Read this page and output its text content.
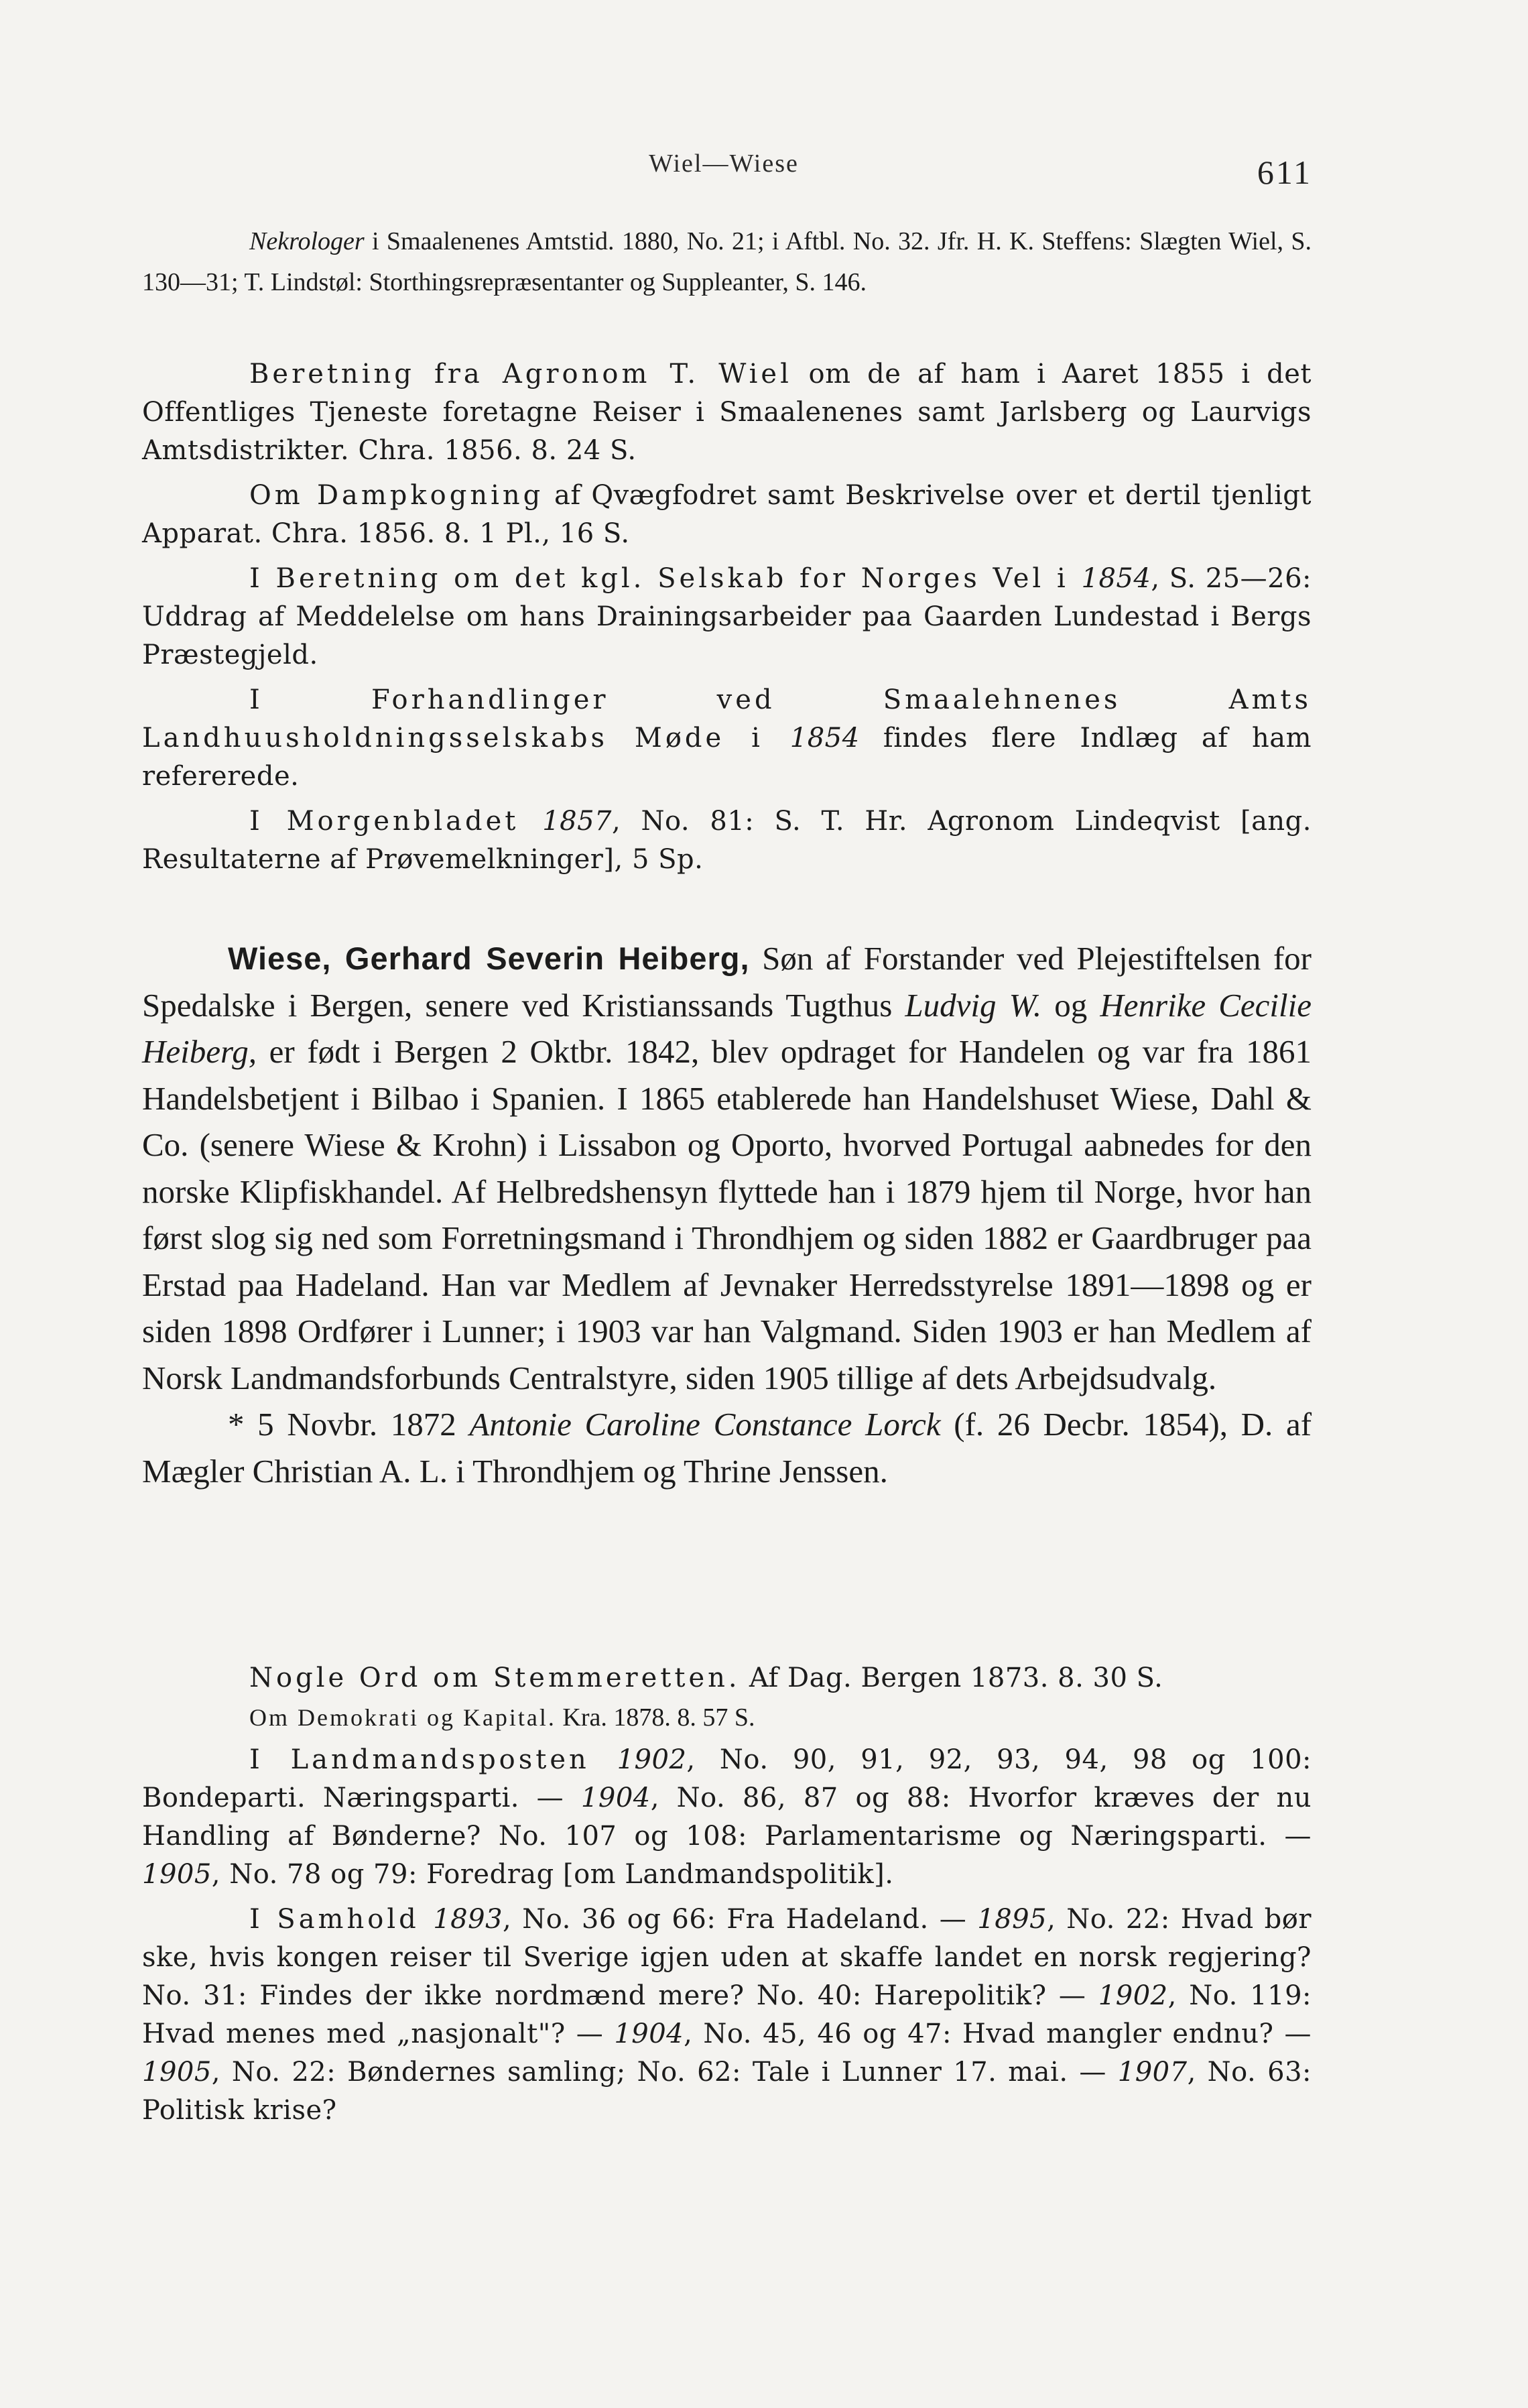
Wiel—Wiese	611

Nekrologer i Smaalenenes Amtstid. 1880, No. 21; i Aftbl. No. 32. Jfr. H. K. Steffens: Slægten Wiel, S. 130—31; T. Lindstøl: Storthingsrepræsentanter og Suppleanter, S. 146.

Beretning fra Agronom T. Wiel om de af ham i Aaret 1855 i det Offentliges Tjeneste foretagne Reiser i Smaalenenes samt Jarlsberg og Laurvigs Amtsdistrikter. Chra. 1856. 8. 24 S.

Om Dampkogning af Qvægfodret samt Beskrivelse over et dertil tjenligt Apparat. Chra. 1856. 8. 1 Pl., 16 S.

I Beretning om det kgl. Selskab for Norges Vel i 1854, S. 25—26: Uddrag af Meddelelse om hans Drainingsarbeider paa Gaarden Lundestad i Bergs Præstegjeld.

I Forhandlinger ved Smaalehnenes Amts Landhuusholdningsselskabs Møde i 1854 findes flere Indlæg af ham refererede.

I Morgenbladet 1857, No. 81: S. T. Hr. Agronom Lindeqvist [ang. Resultaterne af Prøvemelkninger], 5 Sp.

Wiese, Gerhard Severin Heiberg, Søn af Forstander ved Plejestiftelsen for Spedalske i Bergen, senere ved Kristianssands Tugthus Ludvig W. og Henrike Cecilie Heiberg, er født i Bergen 2 Oktbr. 1842, blev opdraget for Handelen og var fra 1861 Handelsbetjent i Bilbao i Spanien. I 1865 etablerede han Handelshuset Wiese, Dahl & Co. (senere Wiese & Krohn) i Lissabon og Oporto, hvorved Portugal aabnedes for den norske Klipfiskhandel. Af Helbredshensyn flyttede han i 1879 hjem til Norge, hvor han først slog sig ned som Forretningsmand i Throndhjem og siden 1882 er Gaardbruger paa Erstad paa Hadeland. Han var Medlem af Jevnaker Herredsstyrelse 1891—1898 og er siden 1898 Ordfører i Lunner; i 1903 var han Valgmand. Siden 1903 er han Medlem af Norsk Landmandsforbunds Centralstyre, siden 1905 tillige af dets Arbejdsudvalg.

* 5 Novbr. 1872 Antonie Caroline Constance Lorck (f. 26 Decbr. 1854), D. af Mægler Christian A. L. i Throndhjem og Thrine Jenssen.

Nogle Ord om Stemmeretten. Af Dag. Bergen 1873. 8. 30 S.

Om Demokrati og Kapital. Kra. 1878. 8. 57 S.

I Landmandsposten 1902, No. 90, 91, 92, 93, 94, 98 og 100: Bondeparti. Næringsparti. — 1904, No. 86, 87 og 88: Hvorfor kræves der nu Handling af Bønderne? No. 107 og 108: Parlamentarisme og Næringsparti. — 1905, No. 78 og 79: Foredrag [om Landmandspolitik].

I Samhold 1893, No. 36 og 66: Fra Hadeland. — 1895, No. 22: Hvad bør ske, hvis kongen reiser til Sverige igjen uden at skaffe landet en norsk regjering? No. 31: Findes der ikke nordmænd mere? No. 40: Harepolitik? — 1902, No. 119: Hvad menes med „nasjonalt"? — 1904, No. 45, 46 og 47: Hvad mangler endnu? — 1905, No. 22: Bøndernes samling; No. 62: Tale i Lunner 17. mai. — 1907, No. 63: Politisk krise?
